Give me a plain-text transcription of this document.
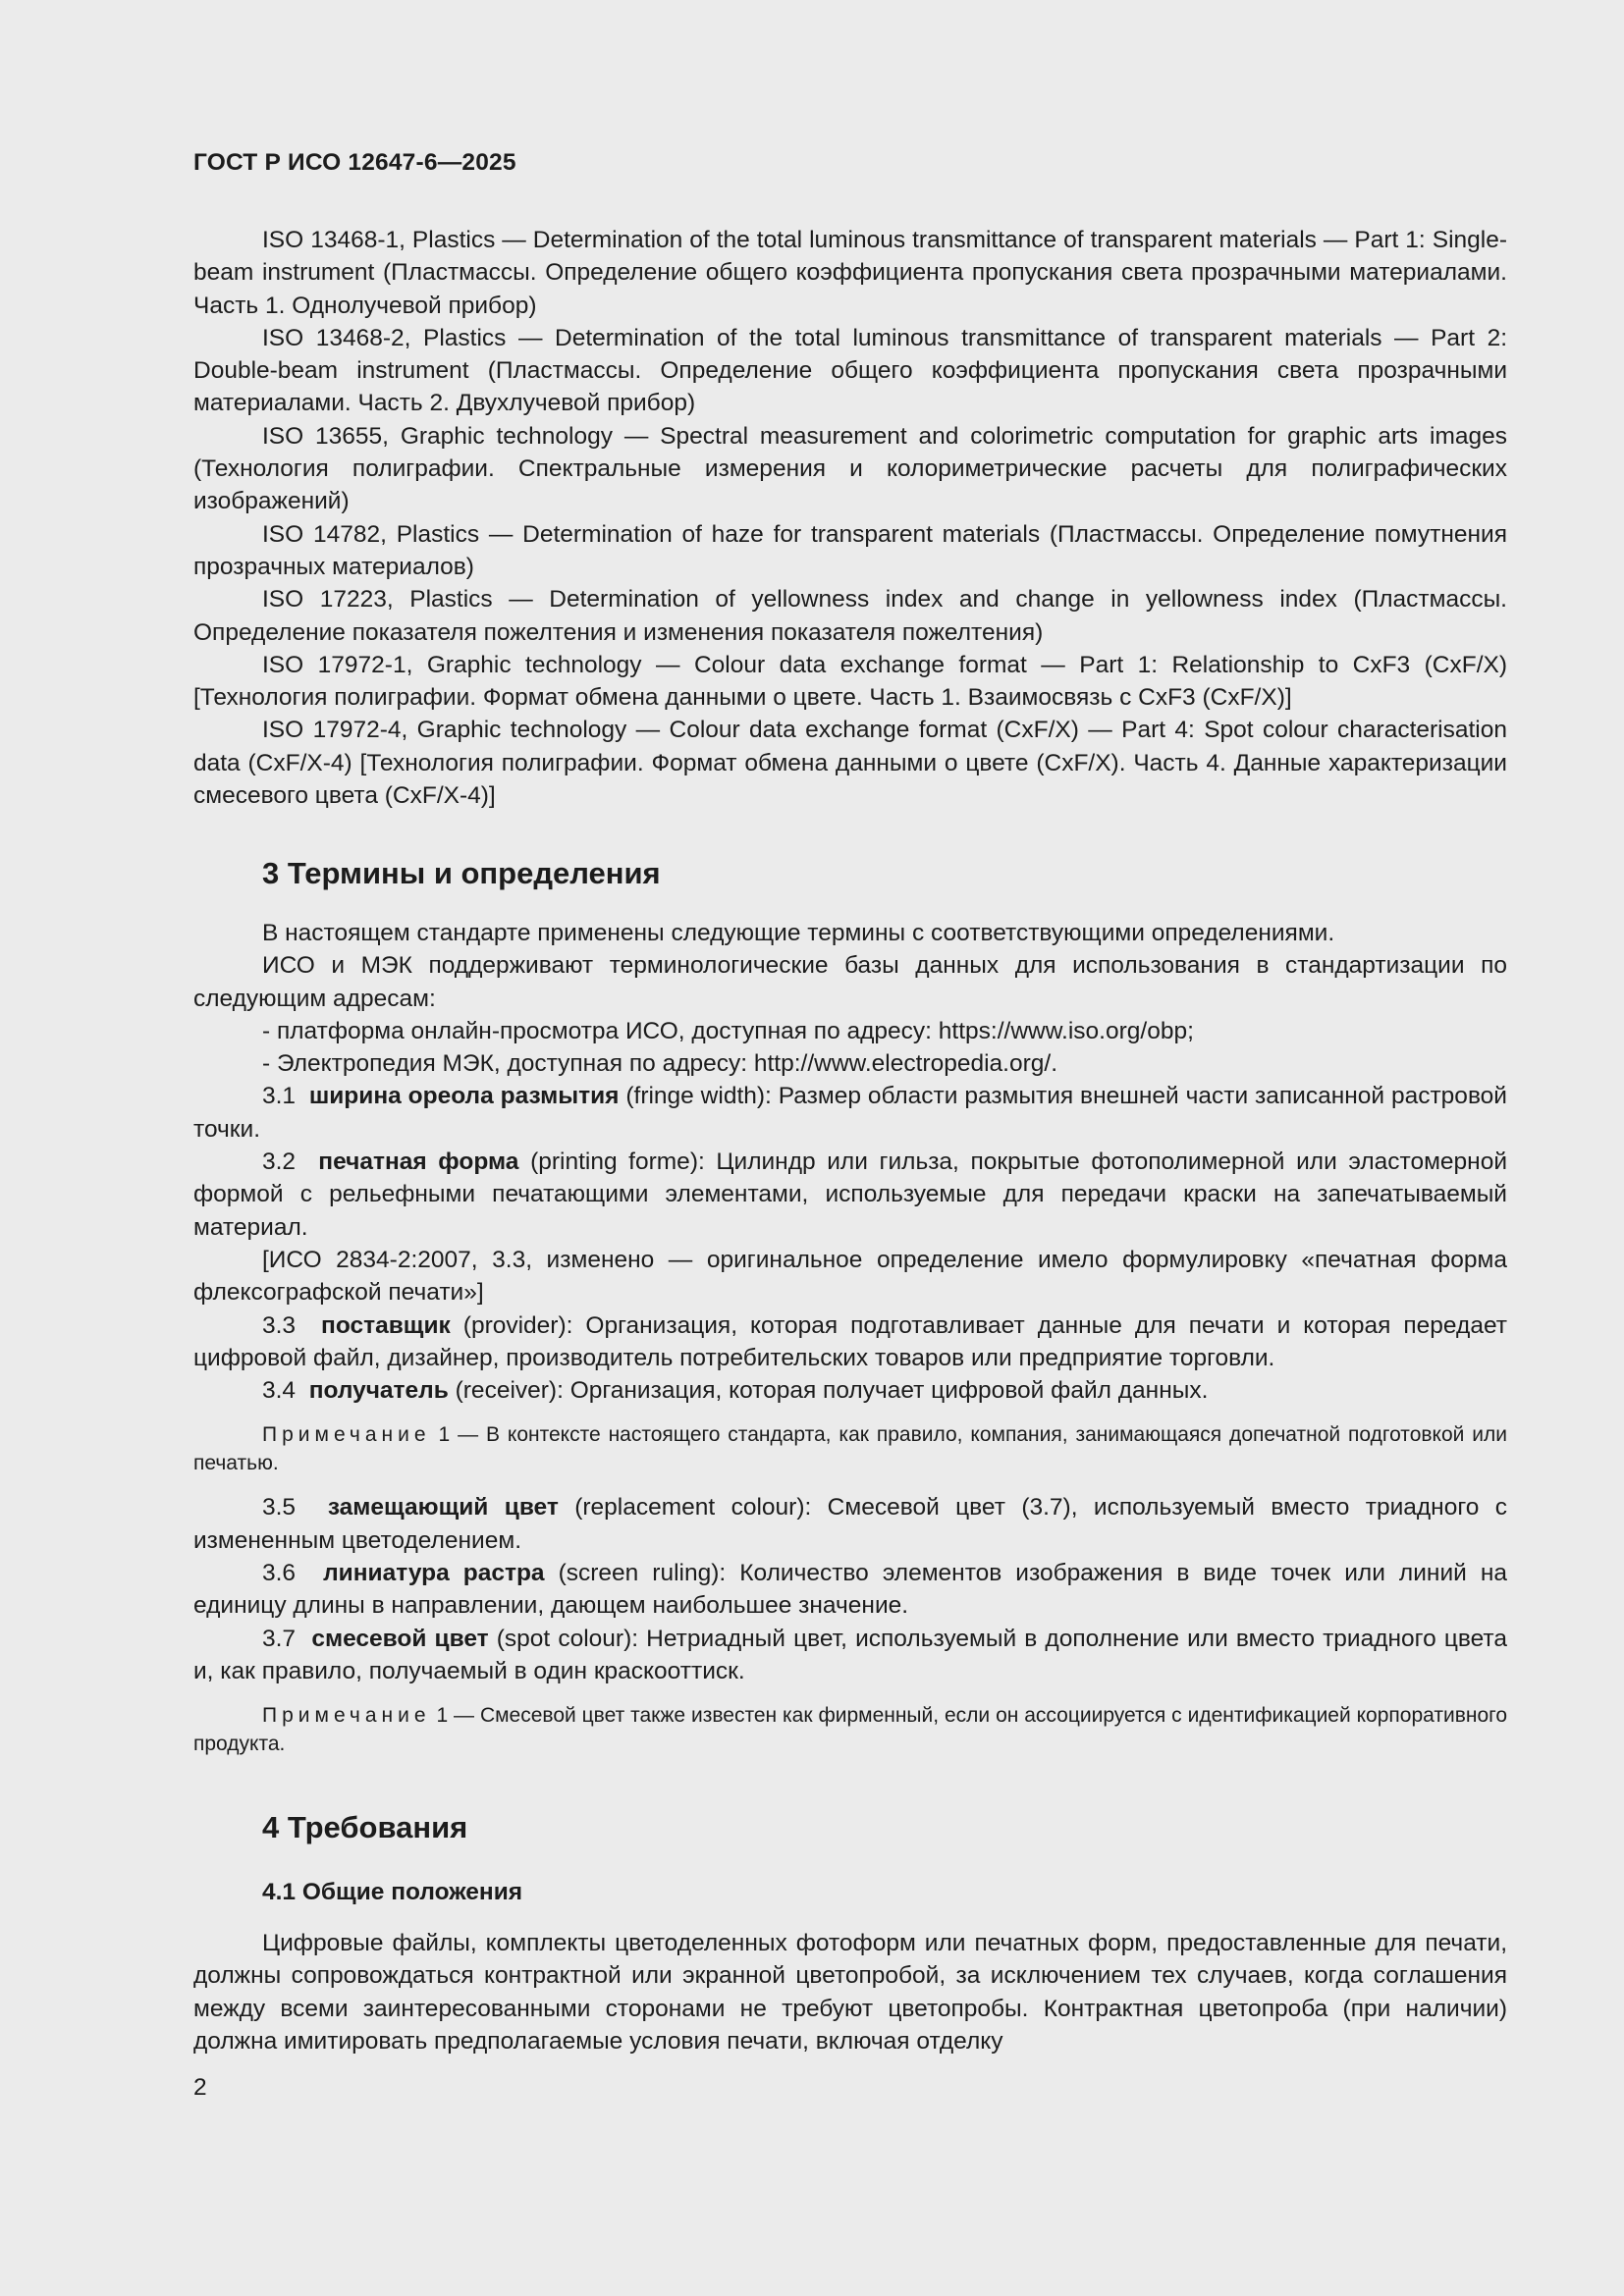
ГОСТ Р ИСО 12647-6—2025

ISO 13468-1, Plastics — Determination of the total luminous transmittance of transparent materials — Part 1: Single-beam instrument (Пластмассы. Определение общего коэффициента пропускания света прозрачными материалами. Часть 1. Однолучевой прибор)

ISO 13468-2, Plastics — Determination of the total luminous transmittance of transparent materials — Part 2: Double-beam instrument (Пластмассы. Определение общего коэффициента пропускания света прозрачными материалами. Часть 2. Двухлучевой прибор)

ISO 13655, Graphic technology — Spectral measurement and colorimetric computation for graphic arts images (Технология полиграфии. Спектральные измерения и колориметрические расчеты для полиграфических изображений)

ISO 14782, Plastics — Determination of haze for transparent materials (Пластмассы. Определение помутнения прозрачных материалов)

ISO 17223, Plastics — Determination of yellowness index and change in yellowness index (Пластмассы. Определение показателя пожелтения и изменения показателя пожелтения)

ISO 17972-1, Graphic technology — Colour data exchange format — Part 1: Relationship to CxF3 (CxF/X) [Технология полиграфии. Формат обмена данными о цвете. Часть 1. Взаимосвязь с CxF3 (CxF/X)]

ISO 17972-4, Graphic technology — Colour data exchange format (CxF/X) — Part 4: Spot colour characterisation data (CxF/X-4) [Технология полиграфии. Формат обмена данными о цвете (CxF/X). Часть 4. Данные характеризации смесевого цвета (CxF/X-4)]

3 Термины и определения

В настоящем стандарте применены следующие термины с соответствующими определениями.

ИСО и МЭК поддерживают терминологические базы данных для использования в стандартизации по следующим адресам:

- платформа онлайн-просмотра ИСО, доступная по адресу: https://www.iso.org/obp;

- Электропедия МЭК, доступная по адресу: http://www.electropedia.org/.

3.1 ширина ореола размытия (fringe width): Размер области размытия внешней части записанной растровой точки.

3.2 печатная форма (printing forme): Цилиндр или гильза, покрытые фотополимерной или эластомерной формой с рельефными печатающими элементами, используемые для передачи краски на запечатываемый материал.

[ИСО 2834-2:2007, 3.3, изменено — оригинальное определение имело формулировку «печатная форма флексографской печати»]

3.3 поставщик (provider): Организация, которая подготавливает данные для печати и которая передает цифровой файл, дизайнер, производитель потребительских товаров или предприятие торговли.

3.4 получатель (receiver): Организация, которая получает цифровой файл данных.

Примечание 1 — В контексте настоящего стандарта, как правило, компания, занимающаяся допечатной подготовкой или печатью.

3.5 замещающий цвет (replacement colour): Смесевой цвет (3.7), используемый вместо триадного с измененным цветоделением.

3.6 линиатура растра (screen ruling): Количество элементов изображения в виде точек или линий на единицу длины в направлении, дающем наибольшее значение.

3.7 смесевой цвет (spot colour): Нетриадный цвет, используемый в дополнение или вместо триадного цвета и, как правило, получаемый в один краскооттиск.

Примечание 1 — Смесевой цвет также известен как фирменный, если он ассоциируется с идентификацией корпоративного продукта.

4 Требования
4.1 Общие положения

Цифровые файлы, комплекты цветоделенных фотоформ или печатных форм, предоставленные для печати, должны сопровождаться контрактной или экранной цветопробой, за исключением тех случаев, когда соглашения между всеми заинтересованными сторонами не требуют цветопробы. Контрактная цветопроба (при наличии) должна имитировать предполагаемые условия печати, включая отделку

2
